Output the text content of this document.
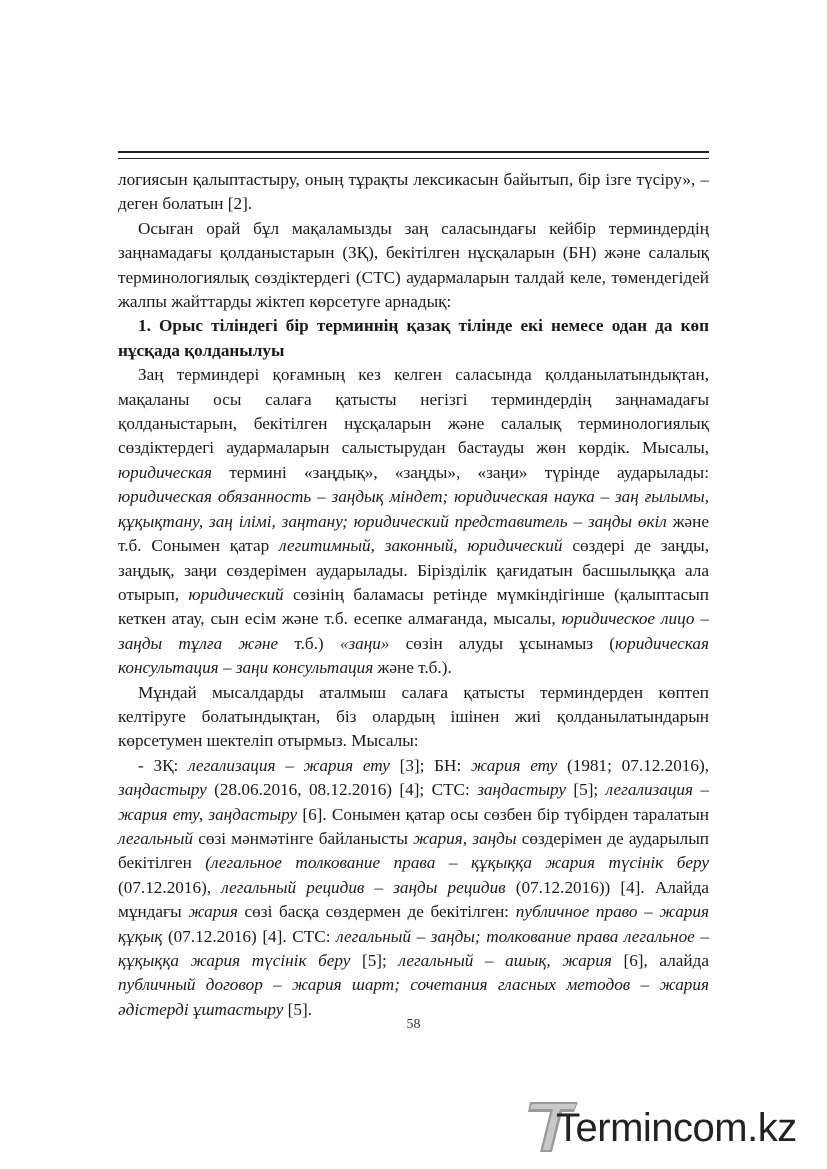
логиясын қалыптастыру, оның тұрақты лексикасын байытып, бір ізге түсіру», – деген болатын [2].

Осыған орай бұл мақаламызды заң саласындағы кейбір терминдердің заңнамадағы қолданыстарын (ЗҚ), бекітілген нұсқаларын (БН) және салалық терминологиялық сөздіктердегі (СТС) аудармаларын талдай келе, төмендегідей жалпы жайттарды жіктеп көрсетуге арнадық:

1. Орыс тіліндегі бір терминнің қазақ тілінде екі немесе одан да көп нұсқада қолданылуы

Заң терминдері қоғамның кез келген саласында қолданылатындықтан, мақаланы осы салаға қатысты негізгі терминдердің заңнамадағы қолданыстарын, бекітілген нұсқаларын және салалық терминологиялық сөздіктердегі аудармаларын салыстырудан бастауды жөн көрдік. Мысалы, юридическая термині «заңдық», «заңды», «заңи» түрінде аударылады: юридическая обязанность – заңдық міндет; юридическая наука – заң ғылымы, құқықтану, заң ілімі, заңтану; юридический представитель – заңды өкіл және т.б. Сонымен қатар легитимный, законный, юридический сөздері де заңды, заңдық, заңи сөздерімен аударылады. Бірізділік қағидатын басшылыққа ала отырып, юридический сөзінің баламасы ретінде мүмкіндігінше (қалыптасып кеткен атау, сын есім және т.б. есепке алмағанда, мысалы, юридическое лицо – заңды тұлға және т.б.) «заңи» сөзін алуды ұсынамыз (юридическая консультация – заңи консультация және т.б.).

Мұндай мысалдарды аталмыш салаға қатысты терминдерден көптеп келтіруге болатындықтан, біз олардың ішінен жиі қолданылатындарын көрсетумен шектеліп отырмыз. Мысалы:

- ЗҚ: легализация – жария ету [3]; БН: жария ету (1981; 07.12.2016), заңдастыру (28.06.2016, 08.12.2016) [4]; СТС: заңдастыру [5]; легализация – жария ету, заңдастыру [6]. Сонымен қатар осы сөзбен бір түбірден таралатын легальный сөзі мәнмәтінге байланысты жария, заңды сөздерімен де аударылып бекітілген (легальное толкование права – құқыққа жария түсінік беру (07.12.2016), легальный рецидив – заңды рецидив (07.12.2016)) [4]. Алайда мұндағы жария сөзі басқа сөздермен де бекітілген: публичное право – жария құқық (07.12.2016) [4]. СТС: легальный – заңды; толкование права легальное – құқыққа жария түсінік беру [5]; легальный – ашық, жария [6], алайда публичный договор – жария шарт; сочетания гласных методов – жария әдістерді ұштастыру [5].

58
Termincom.kz
